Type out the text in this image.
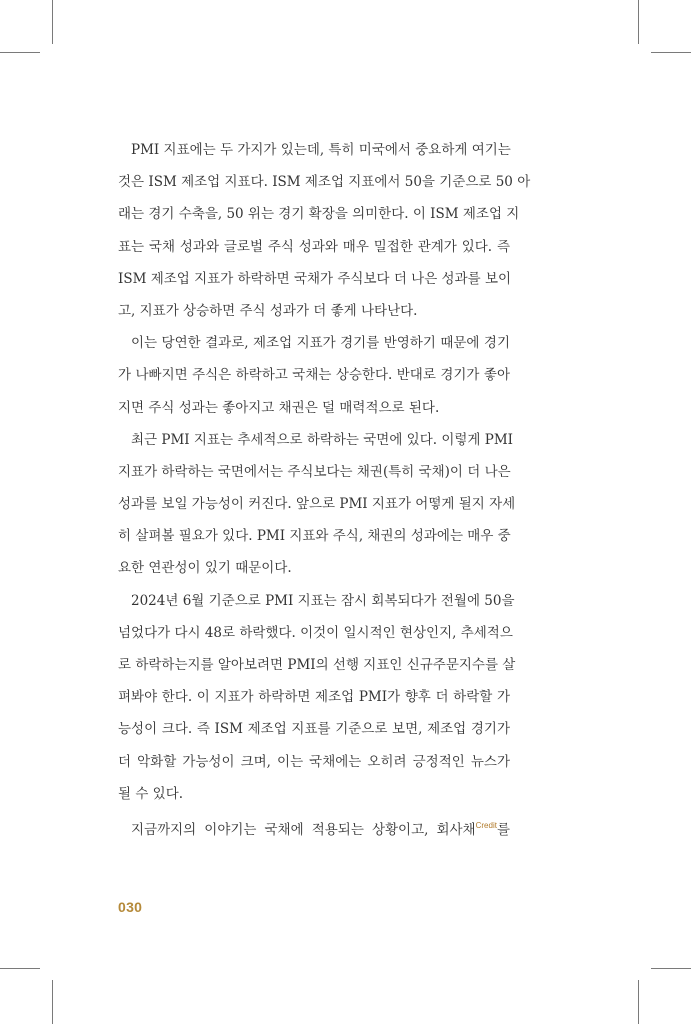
PMI 지표에는 두 가지가 있는데, 특히 미국에서 중요하게 여기는
것은 ISM 제조업 지표다. ISM 제조업 지표에서 50을 기준으로 50 아
래는 경기 수축을, 50 위는 경기 확장을 의미한다. 이 ISM 제조업 지
표는 국채 성과와 글로벌 주식 성과와 매우 밀접한 관계가 있다. 즉
ISM 제조업 지표가 하락하면 국채가 주식보다 더 나은 성과를 보이
고, 지표가 상승하면 주식 성과가 더 좋게 나타난다.

이는 당연한 결과로, 제조업 지표가 경기를 반영하기 때문에 경기
가 나빠지면 주식은 하락하고 국채는 상승한다. 반대로 경기가 좋아
지면 주식 성과는 좋아지고 채권은 덜 매력적으로 된다.

최근 PMI 지표는 추세적으로 하락하는 국면에 있다. 이렇게 PMI
지표가 하락하는 국면에서는 주식보다는 채권(특히 국채)이 더 나은
성과를 보일 가능성이 커진다. 앞으로 PMI 지표가 어떻게 될지 자세
히 살펴볼 필요가 있다. PMI 지표와 주식, 채권의 성과에는 매우 중
요한 연관성이 있기 때문이다.

2024년 6월 기준으로 PMI 지표는 잠시 회복되다가 전월에 50을
넘었다가 다시 48로 하락했다. 이것이 일시적인 현상인지, 추세적으
로 하락하는지를 알아보려면 PMI의 선행 지표인 신규주문지수를 살
펴봐야 한다. 이 지표가 하락하면 제조업 PMI가 향후 더 하락할 가
능성이 크다. 즉 ISM 제조업 지표를 기준으로 보면, 제조업 경기가
더 악화할 가능성이 크며, 이는 국채에는 오히려 긍정적인 뉴스가
될 수 있다.

지금까지의 이야기는 국채에 적용되는 상황이고, 회사채$^{Credit}$를

030
